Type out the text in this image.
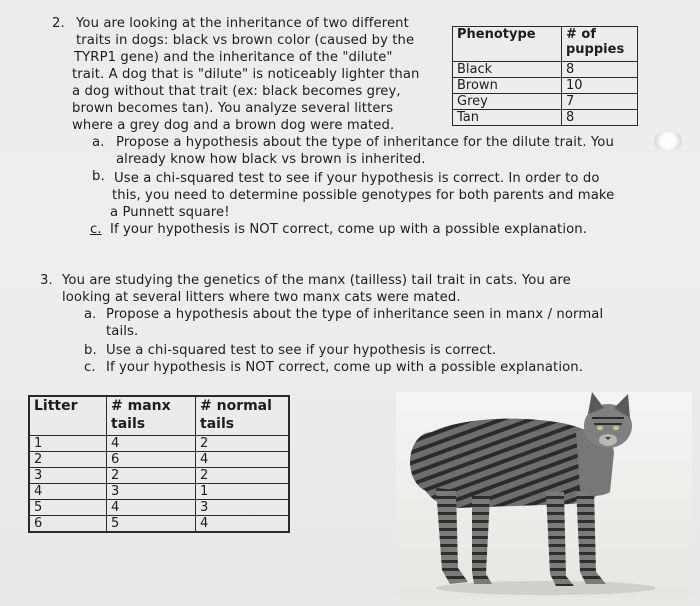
2. You are looking at the inheritance of two different
traits in dogs: black vs brown color (caused by the
TYRP1 gene) and the inheritance of the "dilute"
trait. A dog that is "dilute" is noticeably lighter than
a dog without that trait (ex: black becomes grey,
brown becomes tan). You analyze several litters
where a grey dog and a brown dog were mated.
a. Propose a hypothesis about the type of inheritance for the dilute trait. You
already know how black vs brown is inherited.
b. Use a chi-squared test to see if your hypothesis is correct. In order to do
this, you need to determine possible genotypes for both parents and make
a Punnett square!
c. If your hypothesis is NOT correct, come up with a possible explanation.
Phenotype	# of puppies
Black	8
Brown	10
Grey	7
Tan	8
3. You are studying the genetics of the manx (tailless) tail trait in cats. You are
looking at several litters where two manx cats were mated.
a. Propose a hypothesis about the type of inheritance seen in manx / normal
tails.
b. Use a chi-squared test to see if your hypothesis is correct.
c. If your hypothesis is NOT correct, come up with a possible explanation.
Litter	# manx tails	# normal tails
1	4	2
2	6	4
3	2	2
4	3	1
5	4	3
6	5	4
